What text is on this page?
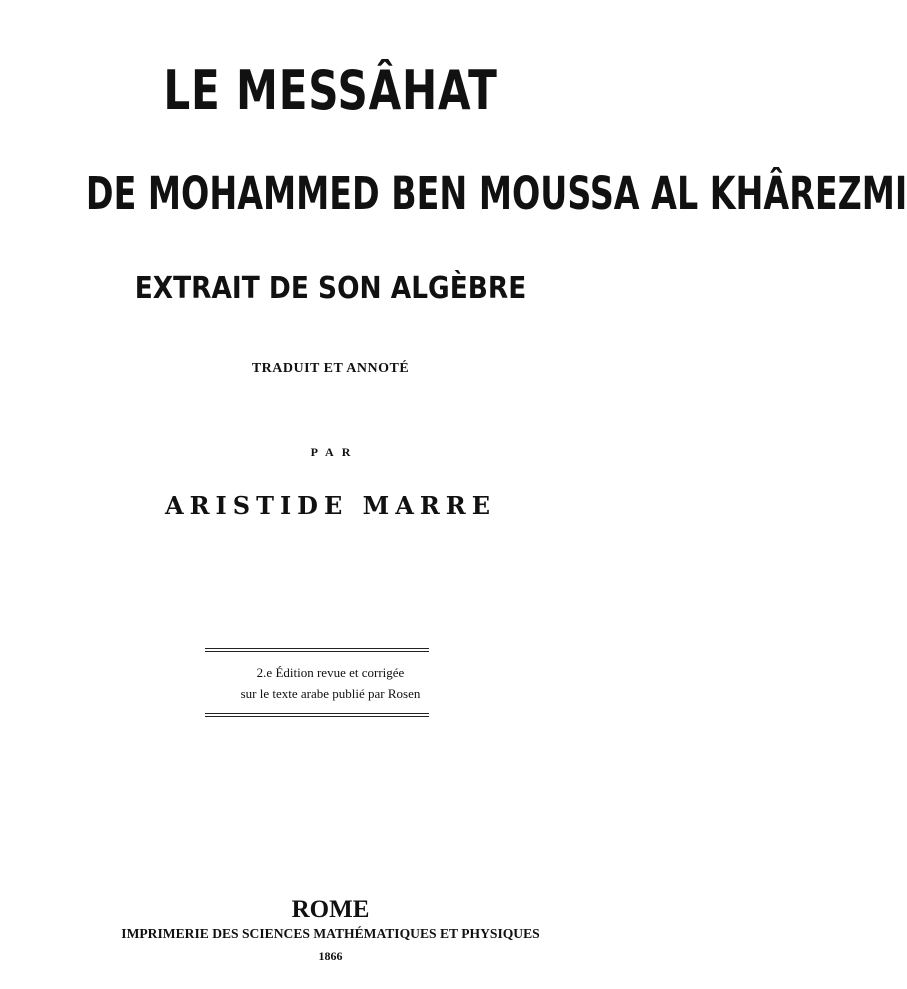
LE MESSÂHAT
DE MOHAMMED BEN MOUSSA AL KHÂREZMI
EXTRAIT DE SON ALGÈBRE
TRADUIT ET ANNOTÉ
PAR
ARISTIDE MARRE
2.e Édition revue et corrigée
sur le texte arabe publié par Rosen
ROME
IMPRIMERIE DES SCIENCES MATHÉMATIQUES ET PHYSIQUES
1866
